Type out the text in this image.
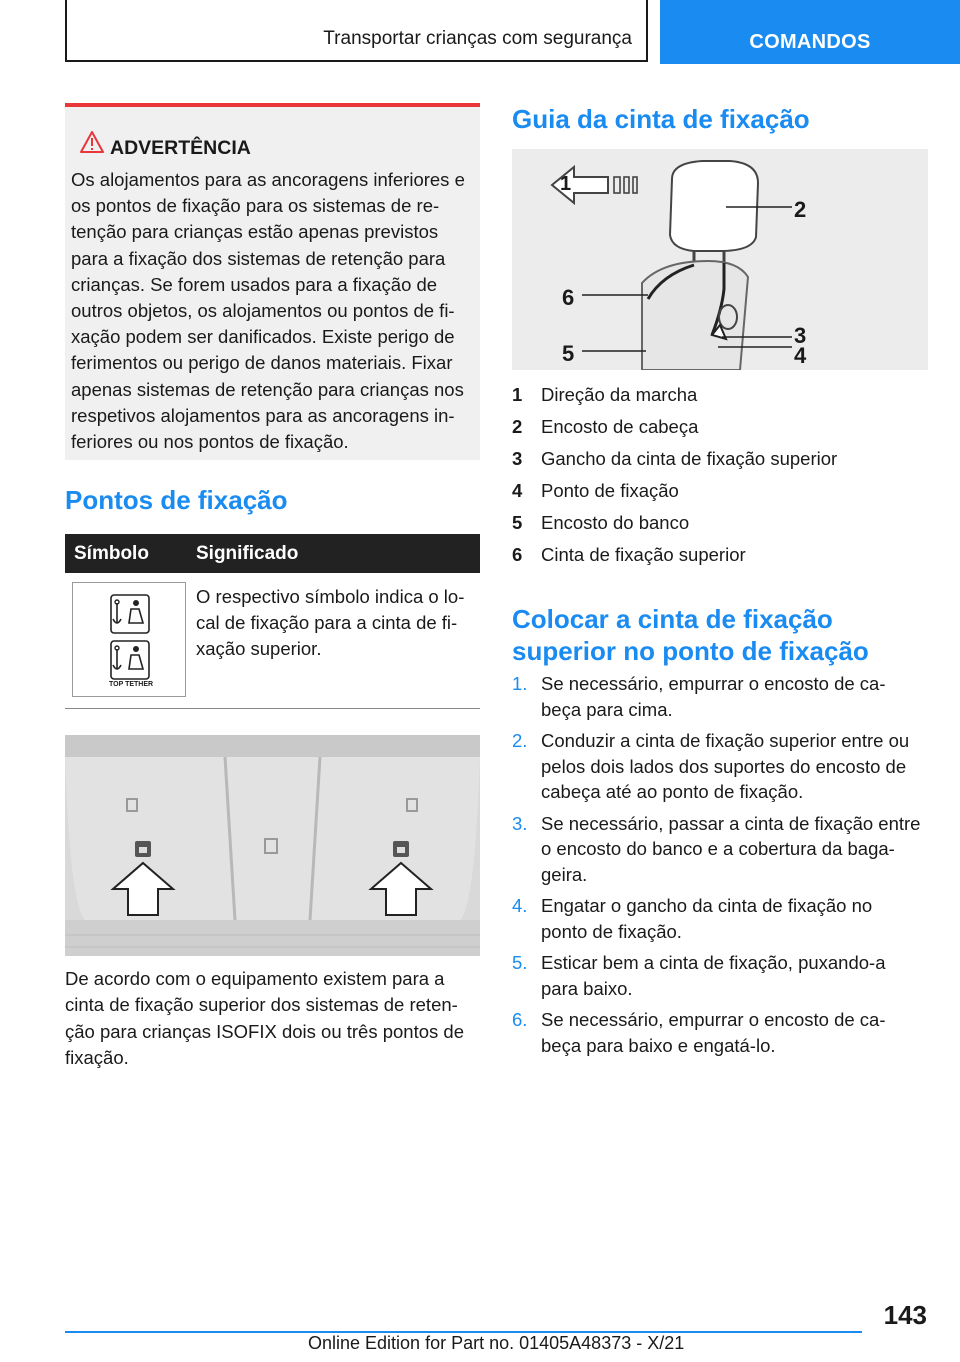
Transportar crianças com segurança	COMANDOS
ADVERTÊNCIA
Os alojamentos para as ancoragens inferiores e
os pontos de fixação para os sistemas de re-
tenção para crianças estão apenas previstos
para a fixação dos sistemas de retenção para
crianças. Se forem usados para a fixação de
outros objetos, os alojamentos ou pontos de fi-
xação podem ser danificados. Existe perigo de
ferimentos ou perigo de danos materiais. Fixar
apenas sistemas de retenção para crianças nos
respetivos alojamentos para as ancoragens in-
feriores ou nos pontos de fixação.
Pontos de fixação
Símbolo Significado
TOP TETHER
O respectivo símbolo indica o lo-
cal de fixação para a cinta de fi-
xação superior.
De acordo com o equipamento existem para a
cinta de fixação superior dos sistemas de reten-
ção para crianças ISOFIX dois ou três pontos de
fixação.
Guia da cinta de fixação
1
2
3
4
5
6
1 Direção da marcha
2 Encosto de cabeça
3 Gancho da cinta de fixação superior
4 Ponto de fixação
5 Encosto do banco
6 Cinta de fixação superior
Colocar a cinta de fixação
superior no ponto de fixação
1. Se necessário, empurrar o encosto de ca-
beça para cima.
2. Conduzir a cinta de fixação superior entre ou
pelos dois lados dos suportes do encosto de
cabeça até ao ponto de fixação.
3. Se necessário, passar a cinta de fixação entre
o encosto do banco e a cobertura da baga-
geira.
4. Engatar o gancho da cinta de fixação no
ponto de fixação.
5. Esticar bem a cinta de fixação, puxando-a
para baixo.
6. Se necessário, empurrar o encosto de ca-
beça para baixo e engatá-lo.
143
Online Edition for Part no. 01405A48373 - X/21
